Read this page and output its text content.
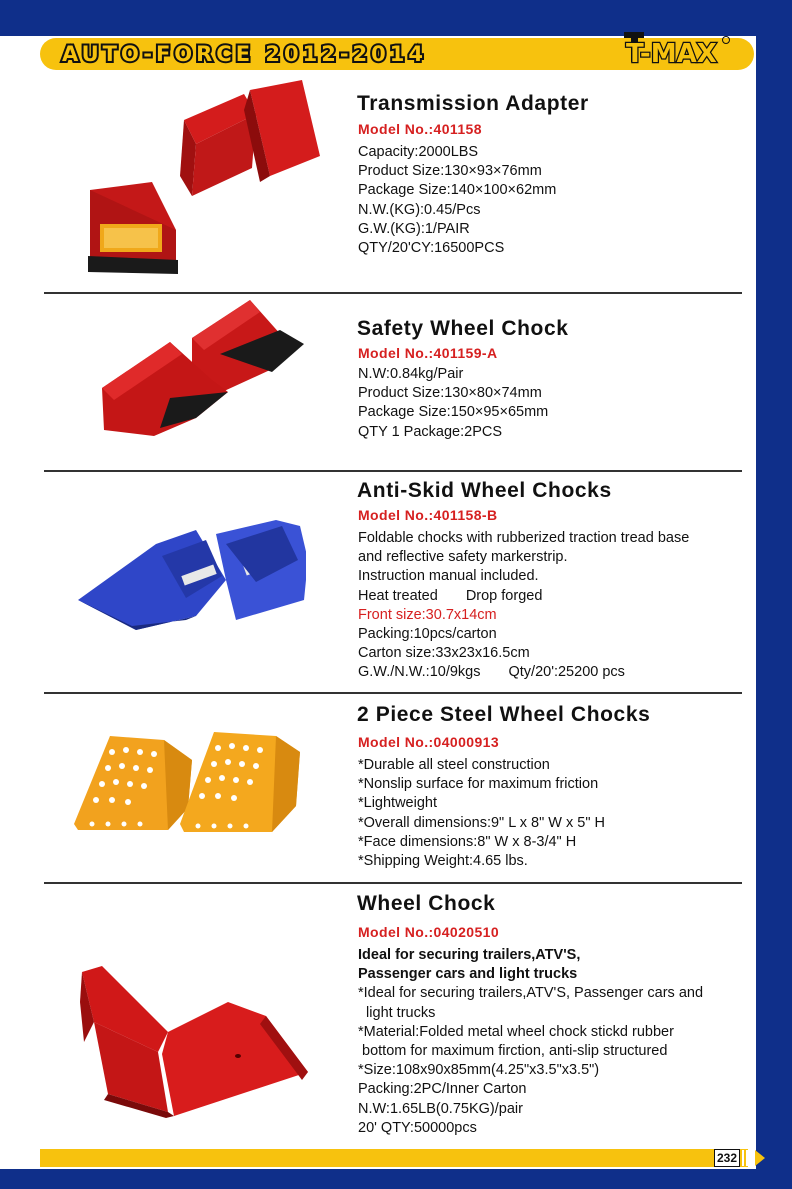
AUTO-FORCE 2012-2014	T-MAX
Transmission Adapter
Model No.:401158
Capacity:2000LBS
Product Size:130×93×76mm
Package Size:140×100×62mm
N.W.(KG):0.45/Pcs
G.W.(KG):1/PAIR
QTY/20'CY:16500PCS
Safety Wheel Chock
Model No.:401159-A
N.W:0.84kg/Pair
Product Size:130×80×74mm
Package Size:150×95×65mm
QTY 1 Package:2PCS
Anti-Skid Wheel Chocks
Model No.:401158-B
Foldable chocks with rubberized traction tread base
and reflective safety markerstrip.
Instruction manual included.
Heat treated Drop forged
Front size:30.7x14cm
Packing:10pcs/carton
Carton size:33x23x16.5cm
G.W./N.W.:10/9kgs Qty/20':25200 pcs
2 Piece Steel Wheel Chocks
Model No.:04000913
*Durable all steel construction
*Nonslip surface for maximum friction
*Lightweight
*Overall dimensions:9" L x 8" W x 5" H
*Face dimensions:8" W x 8-3/4" H
*Shipping Weight:4.65 lbs.
Wheel Chock
Model No.:04020510
Ideal for securing trailers,ATV'S,
Passenger cars and light trucks
*Ideal for securing trailers,ATV'S, Passenger cars and
light trucks
*Material:Folded metal wheel chock stickd rubber
bottom for maximum firction, anti-slip structured
*Size:108x90x85mm(4.25"x3.5"x3.5")
Packing:2PC/Inner Carton
N.W:1.65LB(0.75KG)/pair
20' QTY:50000pcs
232
